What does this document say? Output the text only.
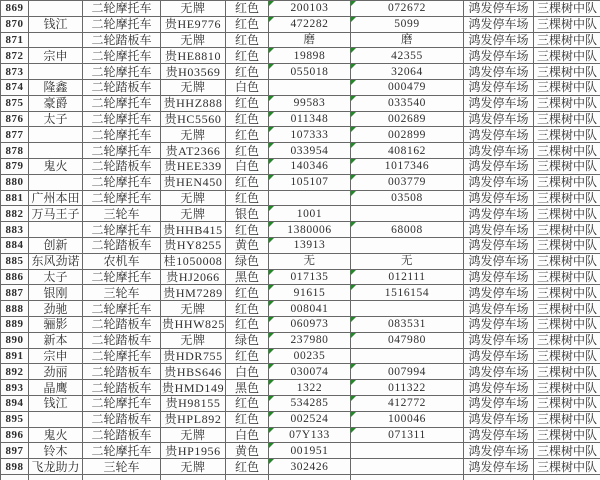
869		二轮摩托车	无牌	红色	200103	072672	鸿发停车场	三棵树中队
870	钱江	二轮摩托车	贵HE9776	红色	472282	5099	鸿发停车场	三棵树中队
871		二轮踏板车	无牌	红色	磨	磨	鸿发停车场	三棵树中队
872	宗申	二轮摩托车	贵HE8810	红色	19898	42355	鸿发停车场	三棵树中队
873		二轮摩托车	贵H03569	红色	055018	32064	鸿发停车场	三棵树中队
874	隆鑫	二轮踏板车	无牌	白色		000479	鸿发停车场	三棵树中队
875	豪爵	二轮摩托车	贵HHZ888	红色	99583	033540	鸿发停车场	三棵树中队
876	太子	二轮摩托车	贵HC5560	红色	011348	002689	鸿发停车场	三棵树中队
877		二轮摩托车	无牌	红色	107333	002899	鸿发停车场	三棵树中队
878		二轮摩托车	贵AT2366	红色	033954	408162	鸿发停车场	三棵树中队
879	鬼火	二轮踏板车	贵HEE339	白色	140346	1017346	鸿发停车场	三棵树中队
880		二轮摩托车	贵HEN450	红色	105107	003779	鸿发停车场	三棵树中队
881	广州本田	二轮摩托车	无牌	红色		03508	鸿发停车场	三棵树中队
882	万马王子	三轮车	无牌	银色	1001		鸿发停车场	三棵树中队
883		二轮摩托车	贵HHB415	红色	1380006	68008	鸿发停车场	三棵树中队
884	创新	二轮踏板车	贵HY8255	黄色	13913		鸿发停车场	三棵树中队
885	东风劲诺	农机车	桂1050008	绿色	无	无	鸿发停车场	三棵树中队
886	太子	二轮摩托车	贵HJ2066	黑色	017135	012111	鸿发停车场	三棵树中队
887	银刚	三轮车	贵HM7289	红色	91615	1516154	鸿发停车场	三棵树中队
888	劲驰	二轮摩托车	无牌	红色	008041		鸿发停车场	三棵树中队
889	骊影	二轮踏板车	贵HHW825	红色	060973	083531	鸿发停车场	三棵树中队
890	新本	二轮踏板车	无牌	绿色	237980	047980	鸿发停车场	三棵树中队
891	宗申	二轮摩托车	贵HDR755	红色	00235		鸿发停车场	三棵树中队
892	劲丽	二轮踏板车	贵HBS646	白色	030074	007994	鸿发停车场	三棵树中队
893	晶鹰	二轮踏板车	贵HMD149	黑色	1322	011322	鸿发停车场	三棵树中队
894	钱江	二轮摩托车	贵H98155	红色	534285	412772	鸿发停车场	三棵树中队
895		二轮踏板车	贵HPL892	红色	002524	100046	鸿发停车场	三棵树中队
896	鬼火	二轮踏板车	无牌	白色	07Y133	071311	鸿发停车场	三棵树中队
897	铃木	二轮摩托车	贵HP1956	黄色	001951		鸿发停车场	三棵树中队
898	飞龙助力	三轮车	无牌	红色	302426		鸿发停车场	三棵树中队
